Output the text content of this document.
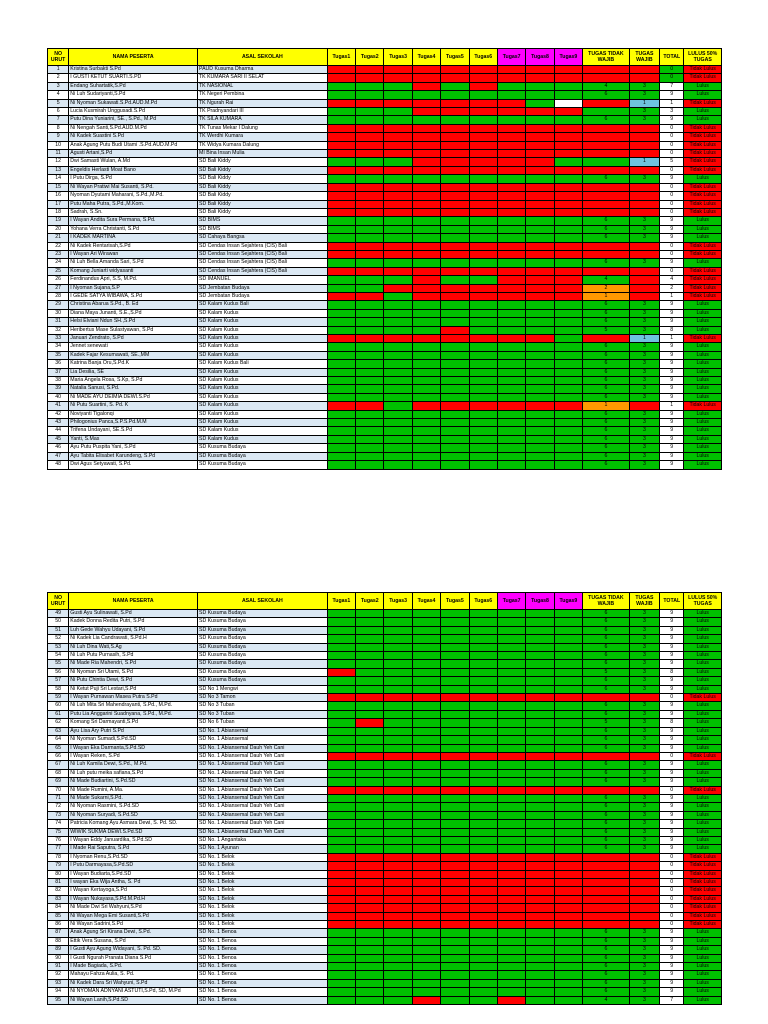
NO URUT	NAMA PESERTA	ASAL SEKOLAH	Tugas1	Tugas2	Tugas3	Tugas4	Tugas5	Tugas6	Tugas7	Tugas8	Tugas9	TUGAS TIDAK WAJIB	TUGAS WAJIB	TOTAL	LULUS 50% TUGAS
1	Kristina Surbakti S.Pd	PAUD Kusuma Dharma												0	Tidak Lulus
2	I GUSTI KETUT SUARTI.S.PD	TK KUMARA SARI II SELAT												0	Tidak Lulus
3	Endang Suhartatik,S.Pd	TK NASIONAL										4	3	7	Lulus
4	Ni Luh Sudariyanti,S.Pd	TK Negeri Pembina										6	3	9	Lulus
5	Ni Nyoman Sukawati.S.Pd.AUD.M.Pd	TK Ngurah Rai											1	1	Tidak Lulus
6	Lucia Kusmirah Unggusadi.S.Pd	TK Pradnyandari III											3	3	Lulus
7	Putu Dina Yuniarini, SE., S.Pd., M.Pd	TK SILA KUMARA										6	3	9	Lulus
8	Ni Nengah Santi,S.Pd.AUD.M.Pd	TK Tunas Mekar I Dalung												0	Tidak Lulus
9	Ni Kadek Suastini S.Pd	TK Werdhi Kumara												0	Tidak Lulus
10	Anak Agung Putu Budi Utami .S.Pd.AUD.M.Pd	TK Widya Kumara Dalung												0	Tidak Lulus
11	Agusti Artani,S.Pd	MI Bina Insan Mulia												0	Tidak Lulus
12	Dwi Samasti Wulan, A.Md	SD Bali Kiddy											1	5	Tidak Lulus
13	Engeldis Herlasti Moat Bano	SD Bali Kiddy												0	Tidak Lulus
14	I Putu Dirga, S.Pd	SD Bali Kiddy										6	3	9	Lulus
15	Ni Wayan Pratiwi Mai Susanti, S.Pd.	SD Bali Kiddy												0	Tidak Lulus
16	Nyoman Dyutami Maharani, S.Pd.,M.Pd.	SD Bali Kiddy												0	Tidak Lulus
17	Putu Maha Putra, S.Pd.,M.Kom.	SD Bali Kiddy												0	Tidak Lulus
18	Sadrah, S.Sn.	SD Bali Kiddy												0	Tidak Lulus
19	I Wayan Andita Sura Permana, S.Pd.	SD BIMS										6	3	9	Lulus
20	Yohana Verra Christanti, S.Pd	SD BIMS										6	3	9	Lulus
21	I KADEK MARTINA	SD Cahaya Bangsa										6	3	9	Lulus
22	Ni Kadek Rentarisah,S.Pd	SD Cendas Insan Sejahtera (CIS) Bali												0	Tidak Lulus
23	I Wayan Ari Wirawan	SD Cendas Insan Sejahtera (CIS) Bali												0	Tidak Lulus
24	Ni Luh Bella Amanda Sari, S.Pd	SD Cendas Insan Sejahtera (CIS) Bali										6	3	9	Lulus
25	Komang Juniarti widyasanti	SD Cendas Insan Sejahtera (CIS) Bali												0	Tidak Lulus
26	Ferdinandus Apri, S.S, M.Pd.	SD IMANUEL										4		4	Tidak Lulus
27	I Nyoman Sujana,S.P	SD Jembatan Budaya										2		2	Tidak Lulus
28	I GEDE SATYA WIBAWA, S.Pd	SD Jembatan Budaya										1		1	Tidak Lulus
29	Christina Abarua S.Pd., B. Ed	SD Kalam Kudus Bali										6	3	9	Lulus
30	Diana Maya Junanti, S.E.,S.Pd	SD Kalam Kudus										6	3	9	Lulus
31	Helsi Elviani Ndun SH.,S.Pd	SD Kalam Kudus										6	3	9	Lulus
32	Heribertus Mase Sulastyawan, S.Pd	SD Kalam Kudus										5	3	8	Lulus
33	Januari Zendrato, S.Pd	SD Kalam Kudus											1	1	Tidak Lulus
34	Jennet senewati	SD Kalam Kudus										6	3	9	Lulus
35	Kadek Fajar Kesumawati, SE.,MM	SD Kalam Kudus										6	3	9	Lulus
36	Katrina Banja Oru,S.Pd.K	SD Kalam Kudus Bali										6	3	9	Lulus
37	Lia Desilia, SE	SD Kalam Kudus										6	3	9	Lulus
38	Maria Angela Rosa, S.Kp, S.Pd	SD Kalam Kudus										6	3	9	Lulus
39	Natalia Sanusi, S.Pd.	SD Kalam Kudus										6	3	9	Lulus
40	Ni MADE AYU DEIMIA DEWI.S.Pd	SD Kalam Kudus										6	3	9	Lulus
41	Ni Putu Suartini, S. Pd. K	SD Kalam Kudus										1		1	Tidak Lulus
42	Noviyanti Tigalonqi	SD Kalam Kudus										6	3	9	Lulus
43	Philogonius Panca,S.P.S.Pd.M.M	SD Kalam Kudus										6	3	9	Lulus
44	Trifena Undayani, SE.S.Pd	SD Kalam Kudus										6	3	9	Lulus
45	Yanti, S.Mas	SD Kalam Kudus										6	3	9	Lulus
46	Ayu Putu Puspita Yani, S.Pd	SD Kusuma Budaya										6	3	9	Lulus
47	Ayu Tabita Elisabet Karundeng, S.Pd	SD Kusuma Budaya										6	3	9	Lulus
48	Dwi Agus Setyawati, S.Pd.	SD Kusuma Budaya										6	3	9	Lulus
NO URUT	NAMA PESERTA	ASAL SEKOLAH	Tugas1	Tugas2	Tugas3	Tugas4	Tugas5	Tugas6	Tugas7	Tugas8	Tugas9	TUGAS TIDAK WAJIB	TUGAS WAJIB	TOTAL	LULUS 50% TUGAS
49	Gusti Ayu Sulinawati, S.Pd	SD Kusuma Budaya										6	3	9	Lulus
50	Kadek Donna Redita Putri, S.Pd	SD Kusuma Budaya										6	3	9	Lulus
51	Luh Gede Wahyu Udayani, S.Pd	SD Kusuma Budaya										6	3	9	Lulus
52	Ni Kadek Lia Candrawati, S.Pd.H	SD Kusuma Budaya										6	3	9	Lulus
53	Ni Luh Dina Wati,S.Ag	SD Kusuma Budaya										6	3	9	Lulus
54	Ni Luh Putu Purnasih, S.Pd	SD Kusuma Budaya										6	3	9	Lulus
55	Ni Made Ria Mahendri, S.Pd	SD Kusuma Budaya										6	3	9	Lulus
56	Ni Nyoman Sri Utami, S.Pd	SD Kusuma Budaya										5	3	8	Lulus
57	Ni Putu Chintia Dewi, S.Pd	SD Kusuma Budaya										6	3	9	Lulus
58	Ni Ketut Puji Sri Lestari,S.Pd	SD No 1 Mengwi										6	3	9	Lulus
59	I Wayan Purnawan Masea Putra S.Pd	SD No 3 Tamon												0	Tidak Lulus
60	Ni Luh Mita Sri Mahendrayanti, S.Pd., M.Pd.	SD No 3 Tuban										6	3	9	Lulus
61	Putu Lia Anggarini Suadnyana, S.Pd., M.Pd.	SD No 3 Tuban										6	3	9	Lulus
62	Komang Sri Darmayanti,S.Pd	SD No 6 Tuban										5	3	8	Lulus
63	Ayu Lisa Ary Putri S.Pd	SD No. 1 Abiansemal										6	3	9	Lulus
64	Ni Nyoman Sumadi,S.Pd.SD	SD No. 1 Abiansemal										6	3	9	Lulus
65	I Wayan Eka Darmanta,S.Pd.SD	SD No. 1 Abiansemal Dauh Yeh Cani										6	3	9	Lulus
66	I Wayan Reken, S.Pd	SD No. 1 Abiansemal Dauh Yeh Cani												0	Tidak Lulus
67	Ni Luh Kamila Dewi, S.Pd., M.Pd.	SD No. 1 Abiansemal Dauh Yeh Cani										6	3	9	Lulus
68	Ni Luh putu meika safiana,S.Pd	SD No. 1 Abiansemal Dauh Yeh Cani										6	3	9	Lulus
69	Ni Made Budiartini, S.Pd.SD	SD No. 1 Abiansemal Dauh Yeh Cani										6	3	9	Lulus
70	Ni Made Rumini, A.Ma.	SD No. 1 Abiansemal Dauh Yeh Cani												0	Tidak Lulus
71	Ni Made Sukarni,S.Pd.	SD No. 1 Abiansemal Dauh Yeh Cani										6	3	9	Lulus
72	Ni Nyoman Rasmini, S.Pd.SD	SD No. 1 Abiansemal Dauh Yeh Cani										6	3	9	Lulus
73	Ni Nyoman Suryadi, S.Pd.SD	SD No. 1 Abiansemal Dauh Yeh Cani										6	3	9	Lulus
74	Patricia Komang Ayu Asmara Dewi, S. Pd. SD.	SD No. 1 Abiansemal Dauh Yeh Cani										6	3	9	Lulus
75	WIWIK SUKMA DEWI.S.Pd.SD	SD No. 1 Abiansemal Dauh Yeh Cani										6	3	9	Lulus
76	I Wayan Eddy Januardika, S.Pd.SD	SD No. 1 Angantaka										6	3	9	Lulus
77	I Made Rai Saputra, S.Pd	SD No. 1 Ayunan										6	3	9	Lulus
78	I Nyoman Renu,S.Pd.SD	SD No. 1 Belok												0	Tidak Lulus
79	I Putu Darmayasa,S.Pd.SD	SD No. 1 Belok												0	Tidak Lulus
80	I Wayan Budiarta,S.Pd.SD	SD No. 1 Belok												0	Tidak Lulus
81	I wayan Eka Wija Antha, S. Pd	SD No. 1 Belok												0	Tidak Lulus
82	I Wayan Kertayoga,S.Pd	SD No. 1 Belok												0	Tidak Lulus
83	I Wayan Nukayasa,S.Pd.M.Pd.H	SD No. 1 Belok												0	Tidak Lulus
84	Ni Made Dwi Sri Wahyuni,S.Pd	SD No. 1 Belok												0	Tidak Lulus
85	Ni Wayan Mega Emi Susanti,S.Pd	SD No. 1 Belok												0	Tidak Lulus
86	Ni Wayan Sadrini,S.Pd	SD No. 1 Belok												0	Tidak Lulus
87	Anak Agung Sri Kirana Dewi, S.Pd.	SD No. 1 Benoa										6	3	9	Lulus
88	Ettik Vera Susana, S.Pd	SD No. 1 Benoa										6	3	9	Lulus
89	I Gusti Ayu Agung Widayani, S. Pd. SD.	SD No. 1 Benoa										6	3	9	Lulus
90	I Gusti Ngurah Pranata Diana S.Pd	SD No. 1 Benoa										6	3	9	Lulus
91	I Made Bagiada, S.Pd.	SD No. 1 Benoa										6	3	9	Lulus
92	Mahayu Fahza Aulia, S. Pd.	SD No. 1 Benoa										6	3	9	Lulus
93	Ni Kadek Dara Sri Wahyuni, S.Pd	SD No. 1 Benoa										6	3	9	Lulus
94	Ni NYOMAN ADNYANI ASTUTI,S.Pd, SD, M.Pd	SD No. 1 Benoa										6	3	9	Lulus
95	Ni Wayan Lanih,S.Pd.SD	SD No. 1 Benoa										4	3	7	Lulus
